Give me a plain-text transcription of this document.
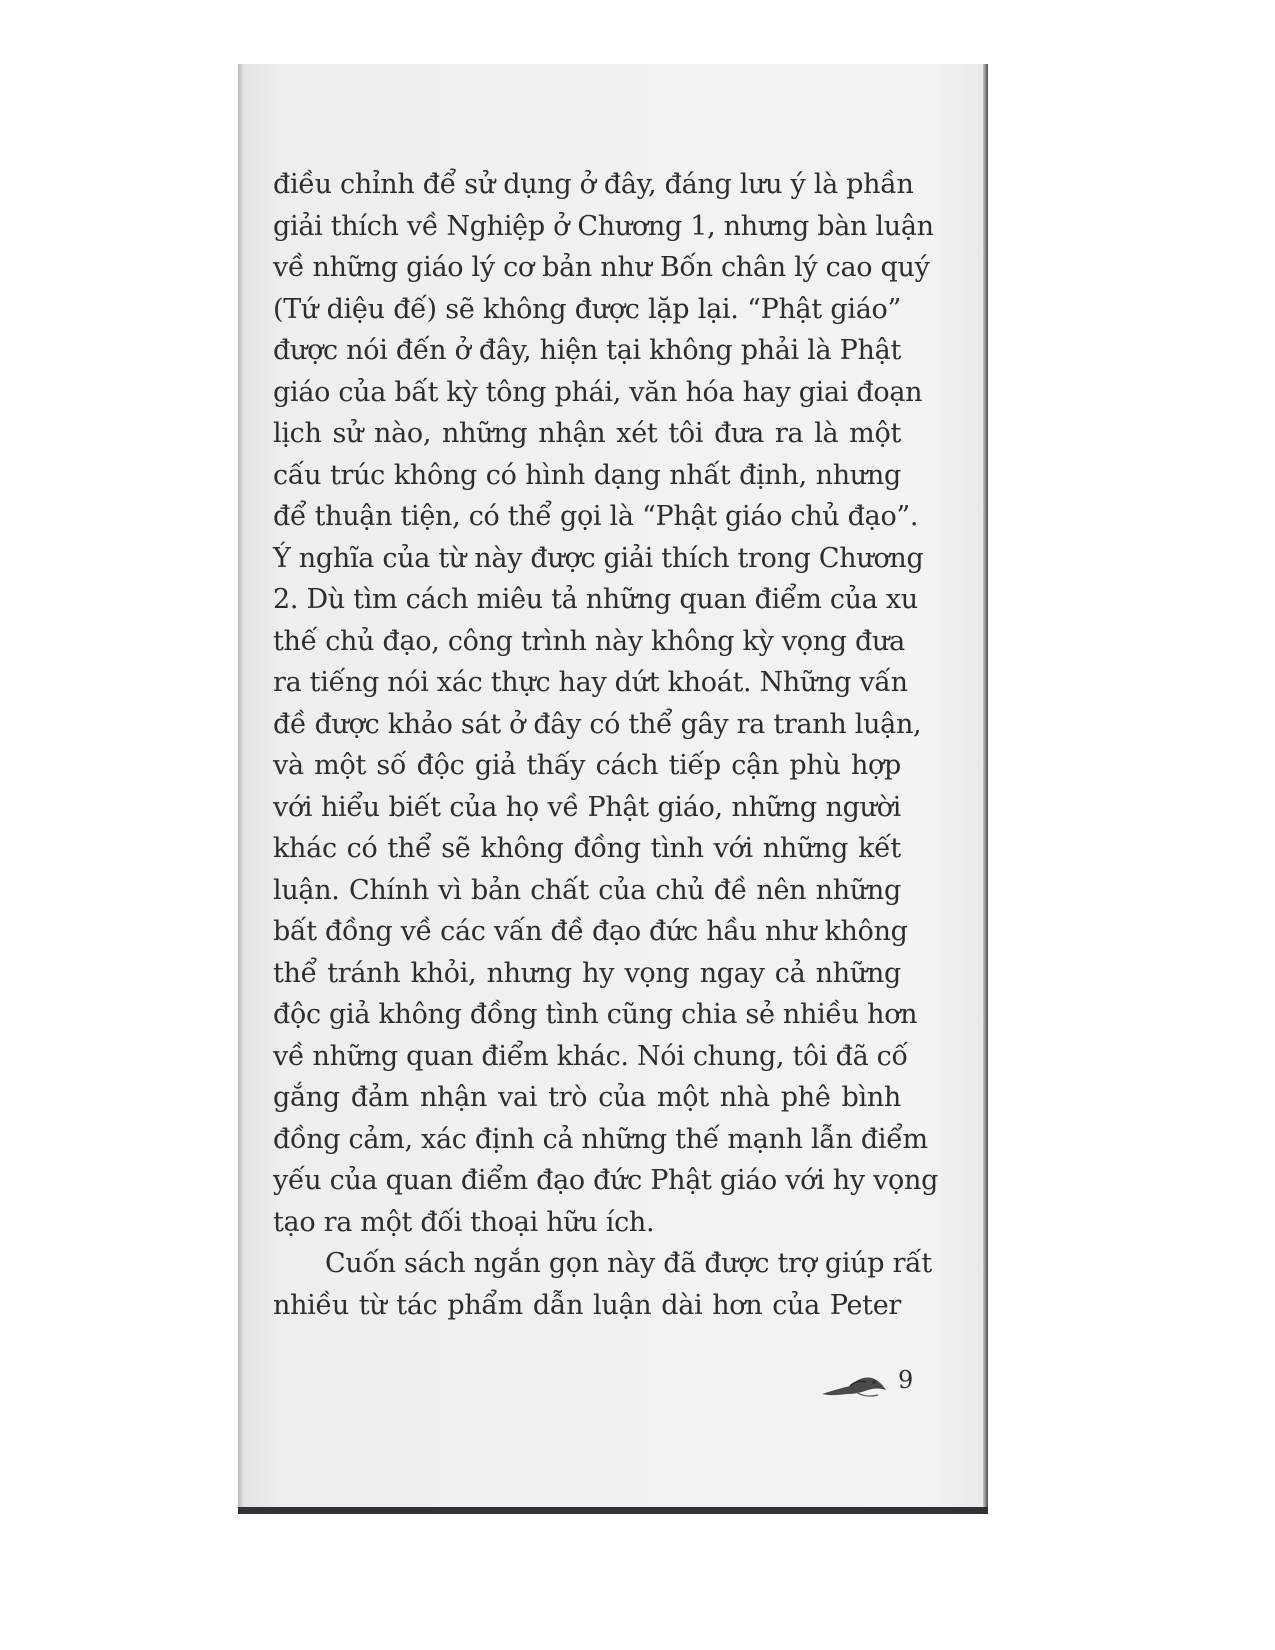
điều chỉnh để sử dụng ở đây, đáng lưu ý là phần
giải thích về Nghiệp ở Chương 1, nhưng bàn luận
về những giáo lý cơ bản như Bốn chân lý cao quý
(Tứ diệu đế) sẽ không được lặp lại. “Phật giáo”
được nói đến ở đây, hiện tại không phải là Phật
giáo của bất kỳ tông phái, văn hóa hay giai đoạn
lịch sử nào, những nhận xét tôi đưa ra là một
cấu trúc không có hình dạng nhất định, nhưng
để thuận tiện, có thể gọi là “Phật giáo chủ đạo”.
Ý nghĩa của từ này được giải thích trong Chương
2. Dù tìm cách miêu tả những quan điểm của xu
thế chủ đạo, công trình này không kỳ vọng đưa
ra tiếng nói xác thực hay dứt khoát. Những vấn
đề được khảo sát ở đây có thể gây ra tranh luận,
và một số độc giả thấy cách tiếp cận phù hợp
với hiểu biết của họ về Phật giáo, những người
khác có thể sẽ không đồng tình với những kết
luận. Chính vì bản chất của chủ đề nên những
bất đồng về các vấn đề đạo đức hầu như không
thể tránh khỏi, nhưng hy vọng ngay cả những
độc giả không đồng tình cũng chia sẻ nhiều hơn
về những quan điểm khác. Nói chung, tôi đã cố
gắng đảm nhận vai trò của một nhà phê bình
đồng cảm, xác định cả những thế mạnh lẫn điểm
yếu của quan điểm đạo đức Phật giáo với hy vọng
tạo ra một đối thoại hữu ích.
Cuốn sách ngắn gọn này đã được trợ giúp rất
nhiều từ tác phẩm dẫn luận dài hơn của Peter
9
